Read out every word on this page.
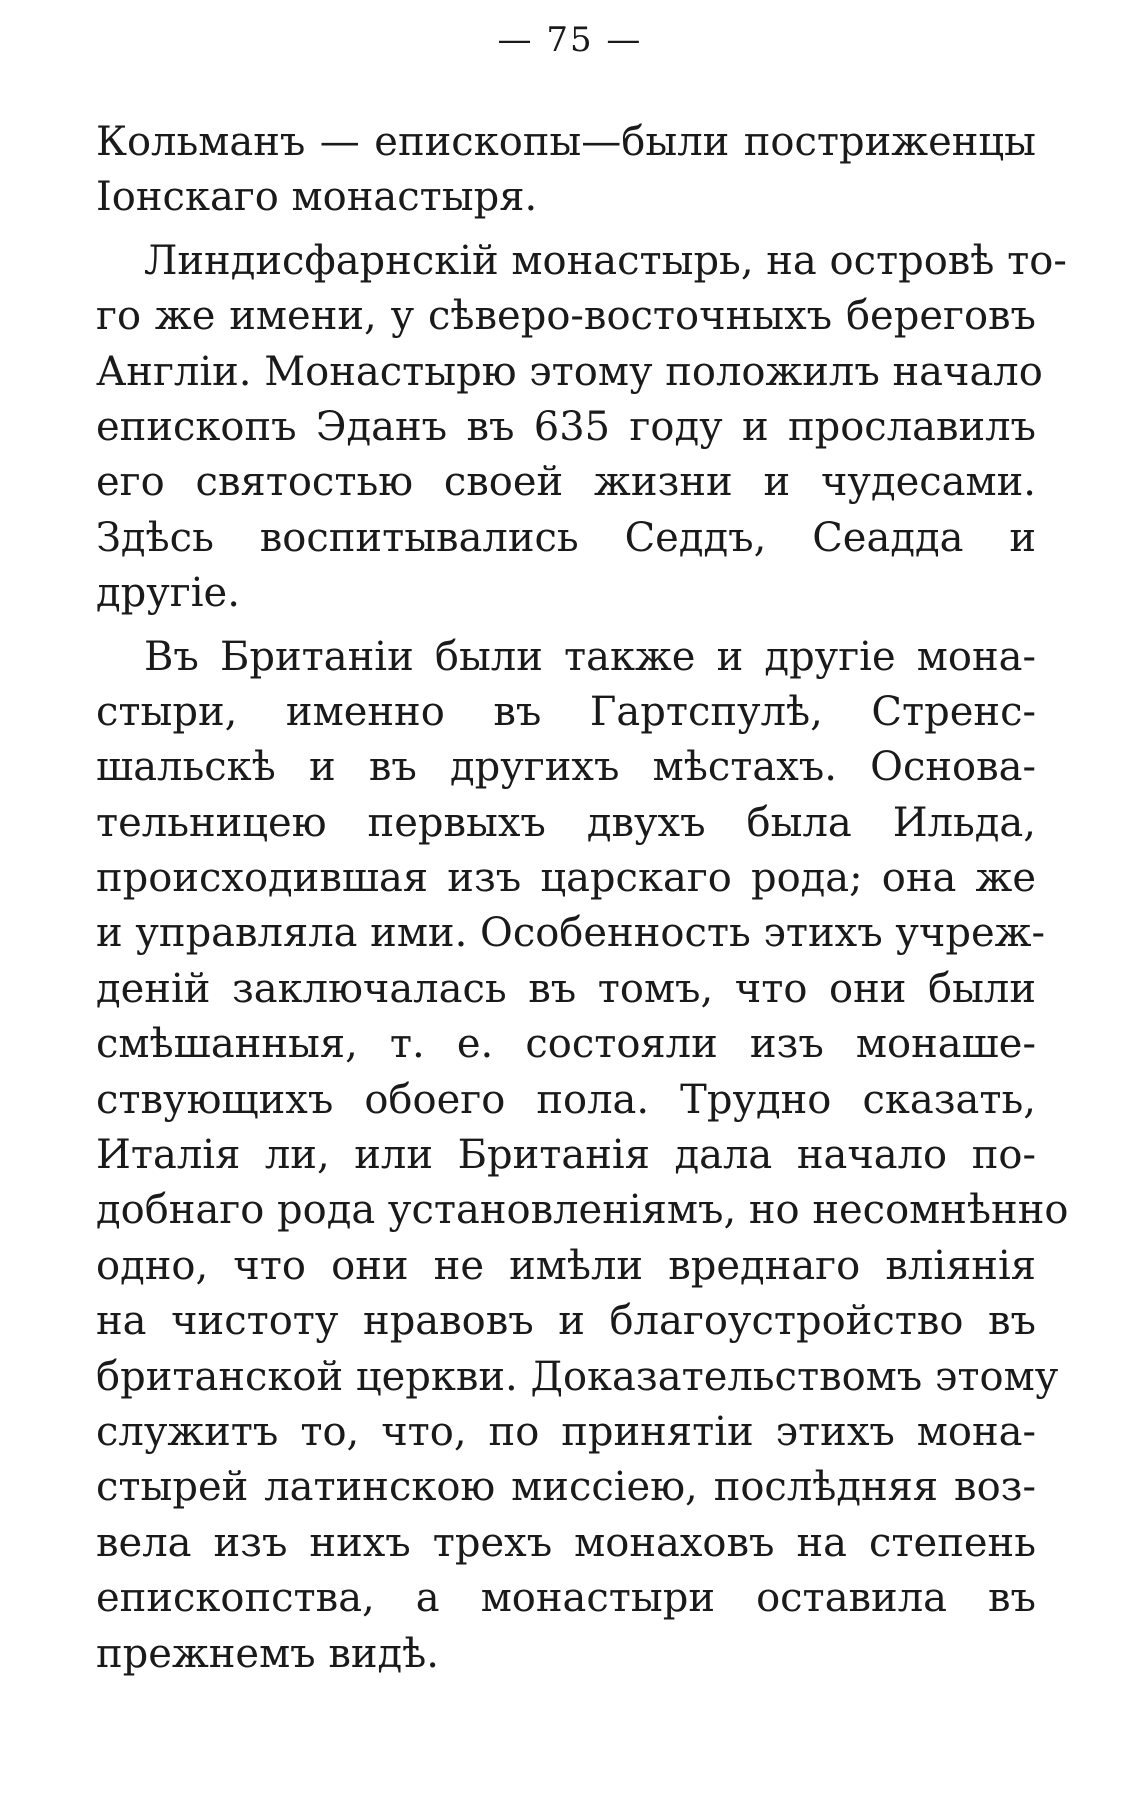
— 75 —
Кольманъ — епископы—были постриженцы
Іонскаго монастыря.
Линдисфарнскій монастырь, на островѣ то-
го же имени, у сѣверо-восточныхъ береговъ
Англіи. Монастырю этому положилъ начало
епископъ Эданъ въ 635 году и прославилъ
его святостью своей жизни и чудесами.
Здѣсь воспитывались Седдъ, Сеадда и
другіе.
Въ Британіи были также и другіе мона-
стыри, именно въ Гартспулѣ, Стренс-
шальскѣ и въ другихъ мѣстахъ. Основа-
тельницею первыхъ двухъ была Ильда,
происходившая изъ царскаго рода; она же
и управляла ими. Особенность этихъ учреж-
деній заключалась въ томъ, что они были
смѣшанныя, т. е. состояли изъ монаше-
ствующихъ обоего пола. Трудно сказать,
Италія ли, или Британія дала начало по-
добнаго рода установленіямъ, но несомнѣнно
одно, что они не имѣли вреднаго вліянія
на чистоту нравовъ и благоустройство въ
британской церкви. Доказательствомъ этому
служитъ то, что, по принятіи этихъ мона-
стырей латинскою миссіею, послѣдняя воз-
вела изъ нихъ трехъ монаховъ на степень
епископства, а монастыри оставила въ
прежнемъ видѣ.
